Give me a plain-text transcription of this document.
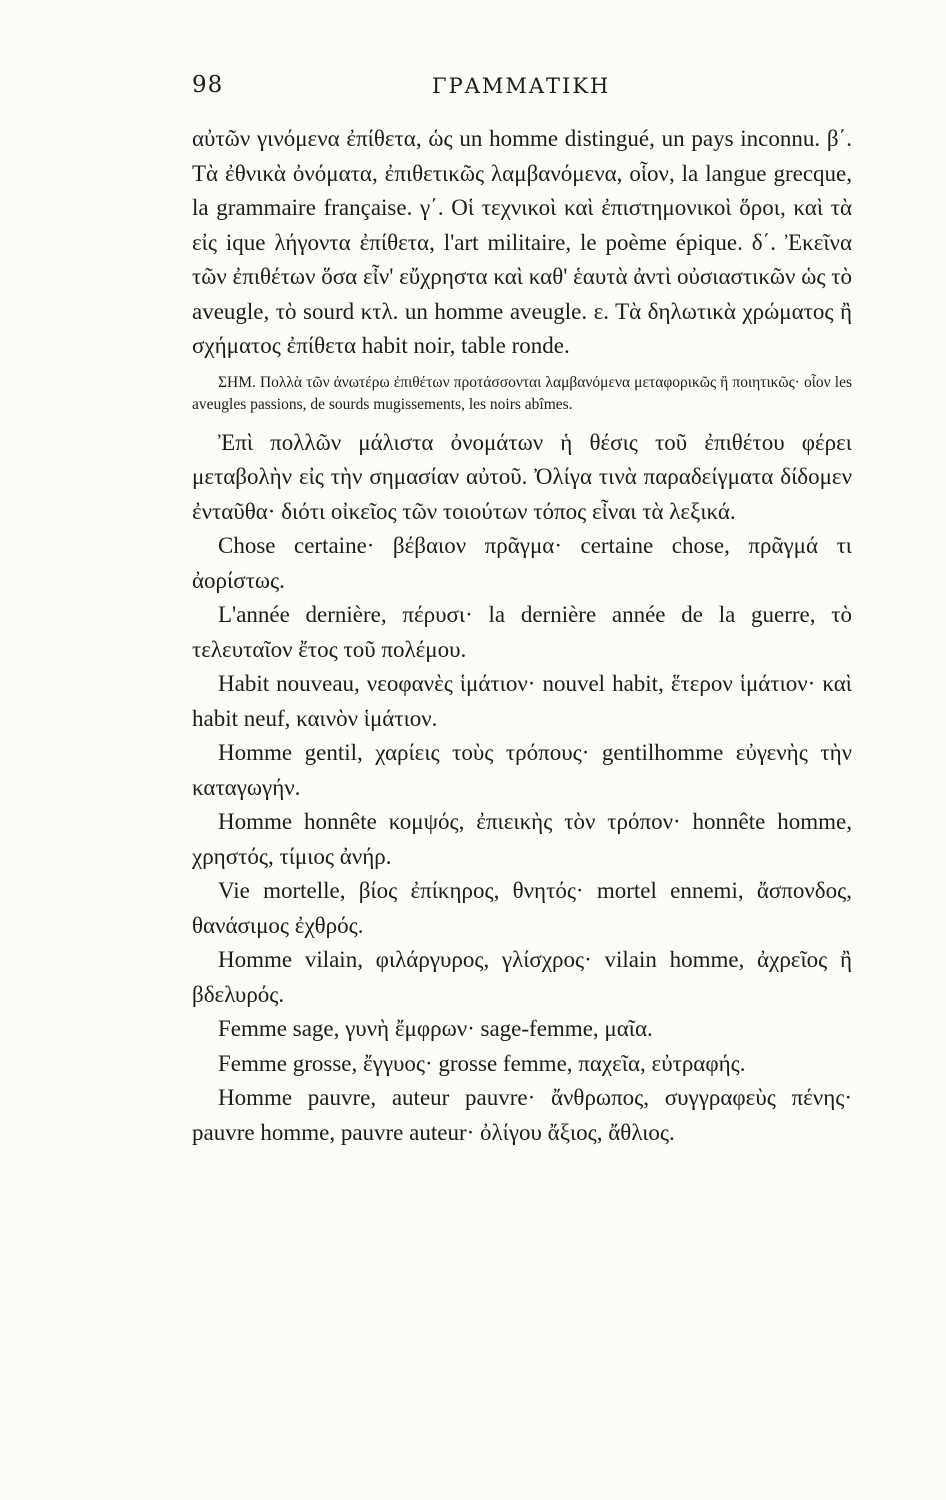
98	ΓΡΑΜΜΑΤΙΚΗ

αὐτῶν γινόμενα ἐπίθετα, ὡς un homme distingué, un pays inconnu. β΄. Τὰ ἐθνικὰ ὀνόματα, ἐπιθετικῶς λαμβανόμενα, οἷον, la langue grecque, la grammaire française. γ΄. Οἱ τεχνικοὶ καὶ ἐπιστημονικοὶ ὅροι, καὶ τὰ εἰς ique λήγοντα ἐπίθετα, l'art militaire, le poème épique. δ΄. Ἐκεῖνα τῶν ἐπιθέτων ὅσα εἶν' εὔχρηστα καὶ καθ' ἑαυτὰ ἀντὶ οὐσιαστικῶν ὡς τὸ aveugle, τὸ sourd κτλ. un homme aveugle. ε. Τὰ δηλωτικὰ χρώματος ἢ σχήματος ἐπίθετα habit noir, table ronde.

ΣΗΜ. Πολλὰ τῶν ἀνωτέρω ἐπιθέτων προτάσσονται λαμβανόμενα μεταφορικῶς ἢ ποιητικῶς· οἷον les aveugles passions, de sourds mugissements, les noirs abîmes.

Ἐπὶ πολλῶν μάλιστα ὀνομάτων ἡ θέσις τοῦ ἐπιθέτου φέρει μεταβολὴν εἰς τὴν σημασίαν αὐτοῦ. Ὀλίγα τινὰ παραδείγματα δίδομεν ἐνταῦθα· διότι οἰκεῖος τῶν τοιούτων τόπος εἶναι τὰ λεξικά.

Chose certaine· βέβαιον πρᾶγμα· certaine chose, πρᾶγμά τι ἀορίστως.

L'année dernière, πέρυσι· la dernière année de la guerre, τὸ τελευταῖον ἔτος τοῦ πολέμου.

Habit nouveau, νεοφανὲς ἱμάτιον· nouvel habit, ἕτερον ἱμάτιον· καὶ habit neuf, καινὸν ἱμάτιον.

Homme gentil, χαρίεις τοὺς τρόπους· gentilhomme εὐγενὴς τὴν καταγωγήν.

Homme honnête κομψός, ἐπιεικὴς τὸν τρόπον· honnête homme, χρηστός, τίμιος ἀνήρ.

Vie mortelle, βίος ἐπίκηρος, θνητός· mortel ennemi, ἄσπονδος, θανάσιμος ἐχθρός.

Homme vilain, φιλάργυρος, γλίσχρος· vilain homme, ἀχρεῖος ἢ βδελυρός.

Femme sage, γυνὴ ἔμφρων· sage-femme, μαῖα.

Femme grosse, ἔγγυος· grosse femme, παχεῖα, εὐτραφής.

Homme pauvre, auteur pauvre· ἄνθρωπος, συγγραφεὺς πένης· pauvre homme, pauvre auteur· ὀλίγου ἄξιος, ἄθλιος.
